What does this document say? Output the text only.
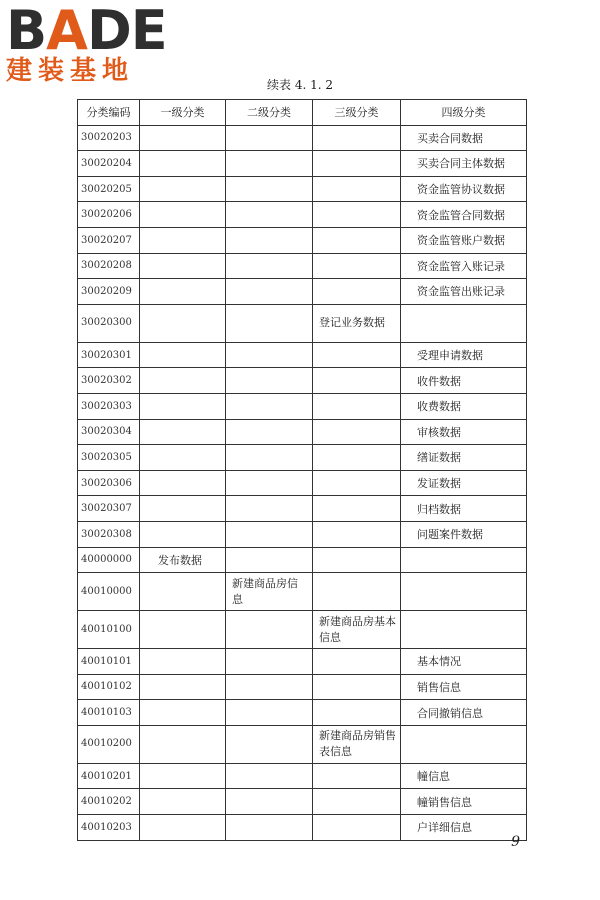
BADE
建装基地	续表 4. 1. 2
分类编码	一级分类	二级分类	三级分类	四级分类
30020203				买卖合同数据
30020204				买卖合同主体数据
30020205				资金监管协议数据
30020206				资金监管合同数据
30020207				资金监管账户数据
30020208				资金监管入账记录
30020209				资金监管出账记录
30020300			登记业务数据	
30020301				受理申请数据
30020302				收件数据
30020303				收费数据
30020304				审核数据
30020305				缮证数据
30020306				发证数据
30020307				归档数据
30020308				问题案件数据
40000000	发布数据			
40010000		新建商品房信息		
40010100			新建商品房基本信息	
40010101				基本情况
40010102				销售信息
40010103				合同撤销信息
40010200			新建商品房销售表信息	
40010201				幢信息
40010202				幢销售信息
40010203				户详细信息
9
